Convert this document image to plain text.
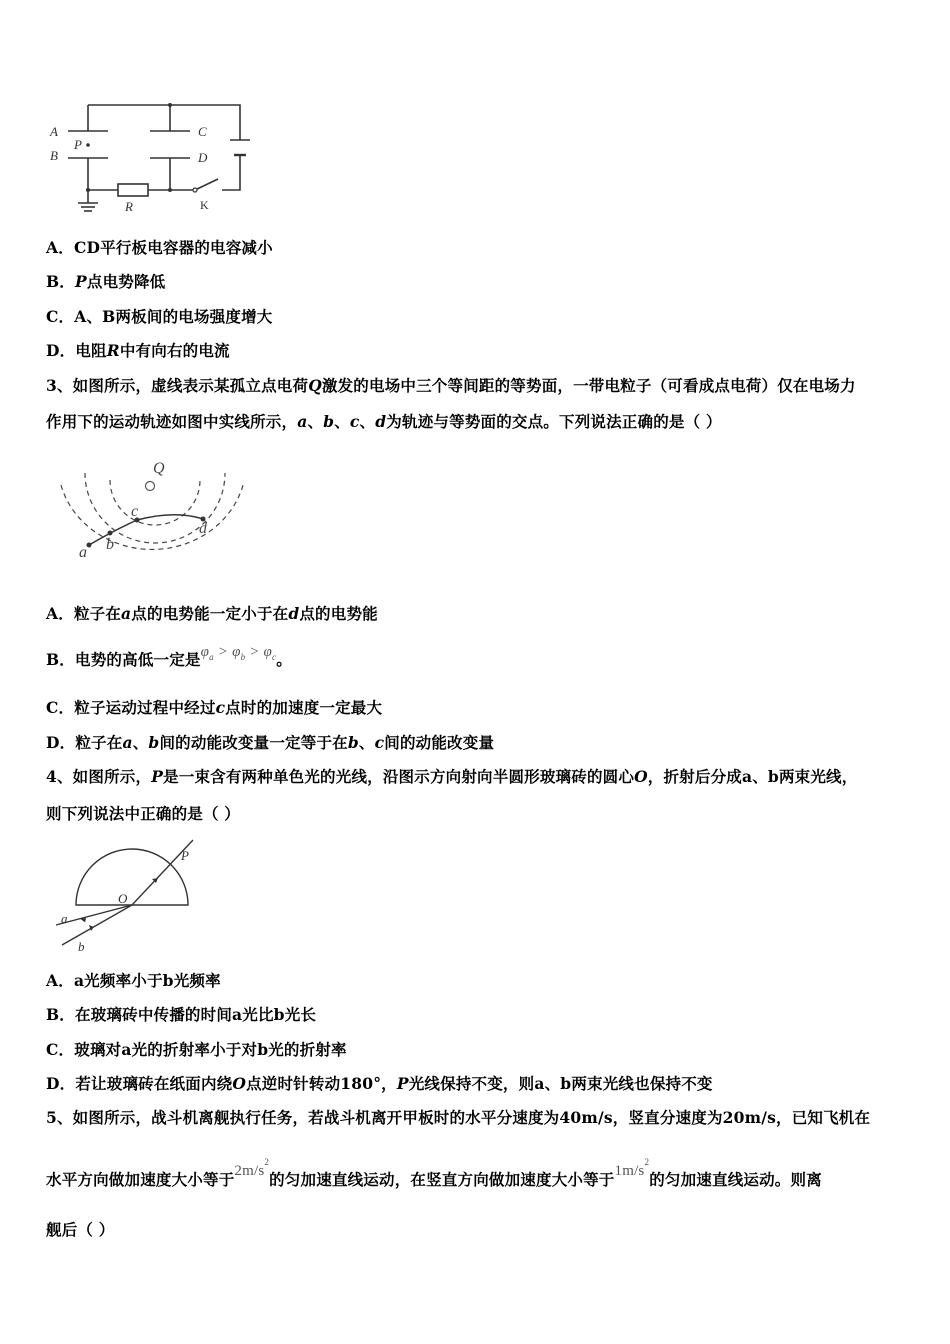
A
B
P
C
D
R	K
A．CD平行板电容器的电容减小
B．P点电势降低
C．A、B两板间的电场强度增大
D．电阻R中有向右的电流
3、如图所示，虚线表示某孤立点电荷Q激发的电场中三个等间距的等势面，一带电粒子（可看成点电荷）仅在电场力
作用下的运动轨迹如图中实线所示，a、b、c、d为轨迹与等势面的交点。下列说法正确的是（ ）
Q
a b
c
d
A．粒子在a点的电势能一定小于在d点的电势能
B．电势的高低一定是$\varphi_a > \varphi_b > \varphi_c$。
C．粒子运动过程中经过c点时的加速度一定最大
D．粒子在a、b间的动能改变量一定等于在b、c间的动能改变量
4、如图所示，P是一束含有两种单色光的光线，沿图示方向射向半圆形玻璃砖的圆心O，折射后分成a、b两束光线，
则下列说法中正确的是（ ）
P
O
a
b
A．a光频率小于b光频率
B．在玻璃砖中传播的时间a光比b光长
C．玻璃对a光的折射率小于对b光的折射率
D．若让玻璃砖在纸面内绕O点逆时针转动180°，P光线保持不变，则a、b两束光线也保持不变
5、如图所示，战斗机离舰执行任务，若战斗机离开甲板时的水平分速度为40m/s，竖直分速度为20m/s，已知飞机在
水平方向做加速度大小等于$2m/s^2$的匀加速直线运动，在竖直方向做加速度大小等于$1m/s^2$的匀加速直线运动。则离
舰后（ ）
